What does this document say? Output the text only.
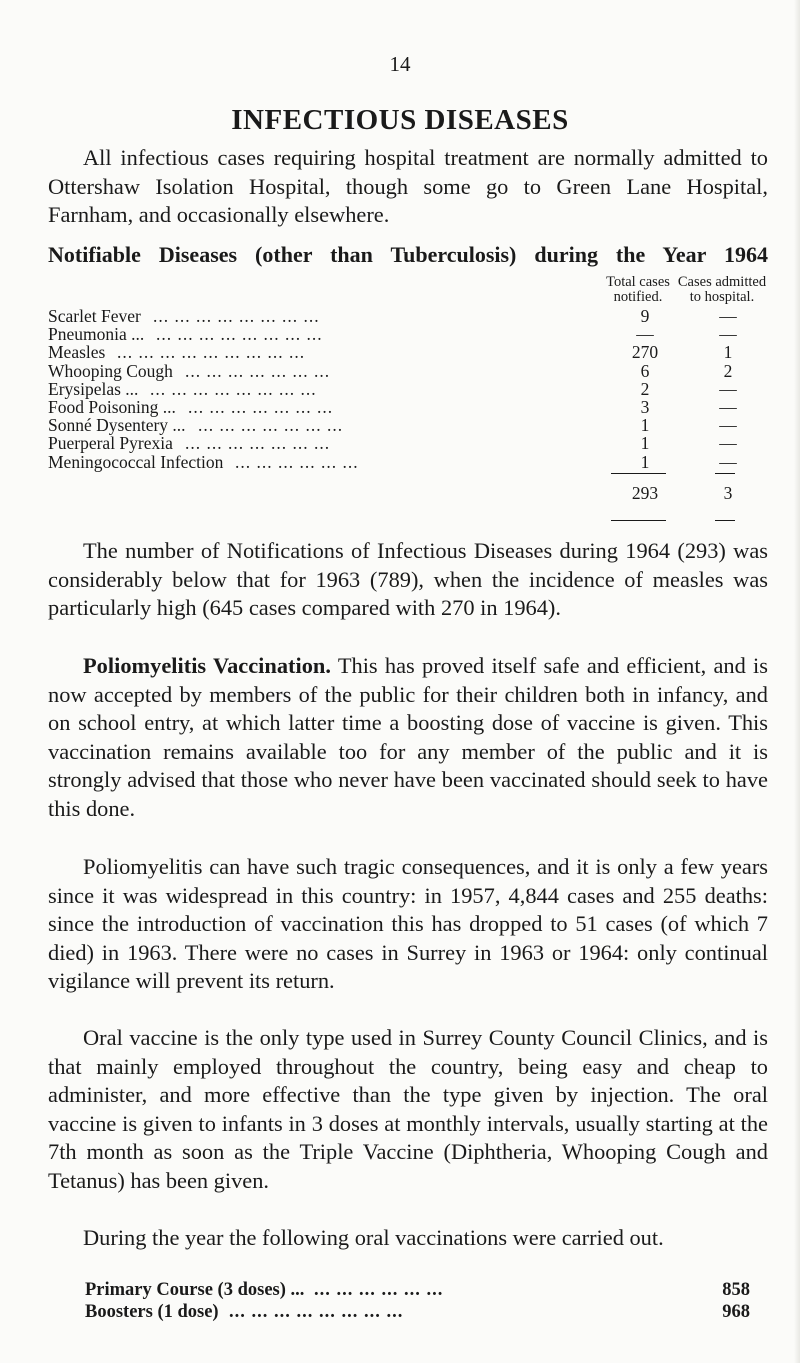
14
INFECTIOUS DISEASES

All infectious cases requiring hospital treatment are normally admitted to Ottershaw Isolation Hospital, though some go to Green Lane Hospital, Farnham, and occasionally elsewhere.

Notifiable Diseases (other than Tuberculosis) during the Year 1964
Total cases
notified.
Cases admitted
to hospital.
Scarlet Fever ... ... ... ... ... ... ... ...	9	—
Pneumonia ... ... ... ... ... ... ... ... ...	—	—
Measles ... ... ... ... ... ... ... ... ...	270	1
Whooping Cough ... ... ... ... ... ... ...	6	2
Erysipelas ... ... ... ... ... ... ... ... ...	2	—
Food Poisoning ... ... ... ... ... ... ... ...	3	—
Sonné Dysentery ... ... ... ... ... ... ... ...	1	—
Puerperal Pyrexia ... ... ... ... ... ... ...	1	—
Meningococcal Infection ... ... ... ... ... ...	1	—
293	3

The number of Notifications of Infectious Diseases during 1964 (293) was considerably below that for 1963 (789), when the incidence of measles was particularly high (645 cases compared with 270 in 1964).

Poliomyelitis Vaccination. This has proved itself safe and efficient, and is now accepted by members of the public for their children both in infancy, and on school entry, at which latter time a boosting dose of vaccine is given. This vaccination remains available too for any member of the public and it is strongly advised that those who never have been vaccinated should seek to have this done.

Poliomyelitis can have such tragic consequences, and it is only a few years since it was widespread in this country: in 1957, 4,844 cases and 255 deaths: since the introduction of vaccination this has dropped to 51 cases (of which 7 died) in 1963. There were no cases in Surrey in 1963 or 1964: only continual vigilance will prevent its return.

Oral vaccine is the only type used in Surrey County Council Clinics, and is that mainly employed throughout the country, being easy and cheap to administer, and more effective than the type given by injection. The oral vaccine is given to infants in 3 doses at monthly intervals, usually starting at the 7th month as soon as the Triple Vaccine (Diphtheria, Whooping Cough and Tetanus) has been given.

During the year the following oral vaccinations were carried out.

Primary Course (3 doses) ... ... ... ... ... ... ...	858
Boosters (1 dose) ... ... ... ... ... ... ... ...	968
